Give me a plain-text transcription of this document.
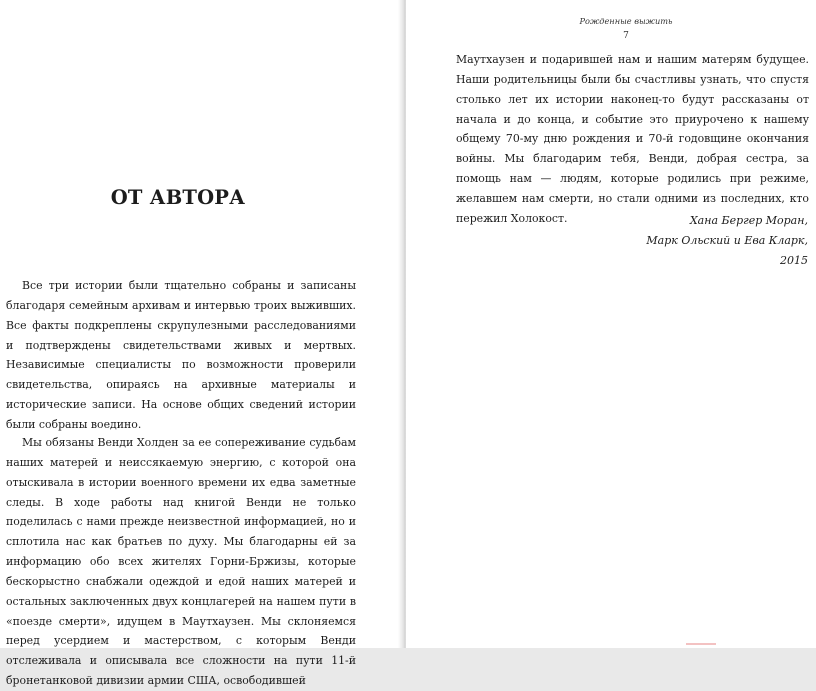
ОТ АВТОРА

Все три истории были тщательно собраны и записаны благодаря семейным архивам и интервью троих выживших. Все факты подкреплены скрупулезными расследованиями и подтверждены свидетельствами живых и мертвых. Независимые специалисты по возможности проверили свидетельства, опираясь на архивные материалы и исторические записи. На основе общих сведений истории были собраны воедино.

Мы обязаны Венди Холден за ее сопереживание судьбам наших матерей и неиссякаемую энергию, с которой она отыскивала в истории военного времени их едва заметные следы. В ходе работы над книгой Венди не только поделилась с нами прежде неизвестной информацией, но и сплотила нас как братьев по духу. Мы благодарны ей за информацию обо всех жителях Горни-Бржизы, которые бескорыстно снабжали одеждой и едой наших матерей и остальных заключенных двух концлагерей на нашем пути в «поезде смерти», идущем в Маутхаузен. Мы склоняемся перед усердием и мастерством, с которым Венди отслеживала и описывала все сложности на пути 11-й бронетанковой дивизии армии США, освободившей

Рожденные выжить
7

Маутхаузен и подарившей нам и нашим матерям будущее. Наши родительницы были бы счастливы узнать, что спустя столько лет их истории наконец-то будут рассказаны от начала и до конца, и событие это приурочено к нашему общему 70-му дню рождения и 70-й годовщине окончания войны. Мы благодарим тебя, Венди, добрая сестра, за помощь нам — людям, которые родились при режиме, желавшем нам смерти, но стали одними из последних, кто пережил Холокост.	Хана Бергер Моран,
Марк Ольский и Ева Кларк,
2015
